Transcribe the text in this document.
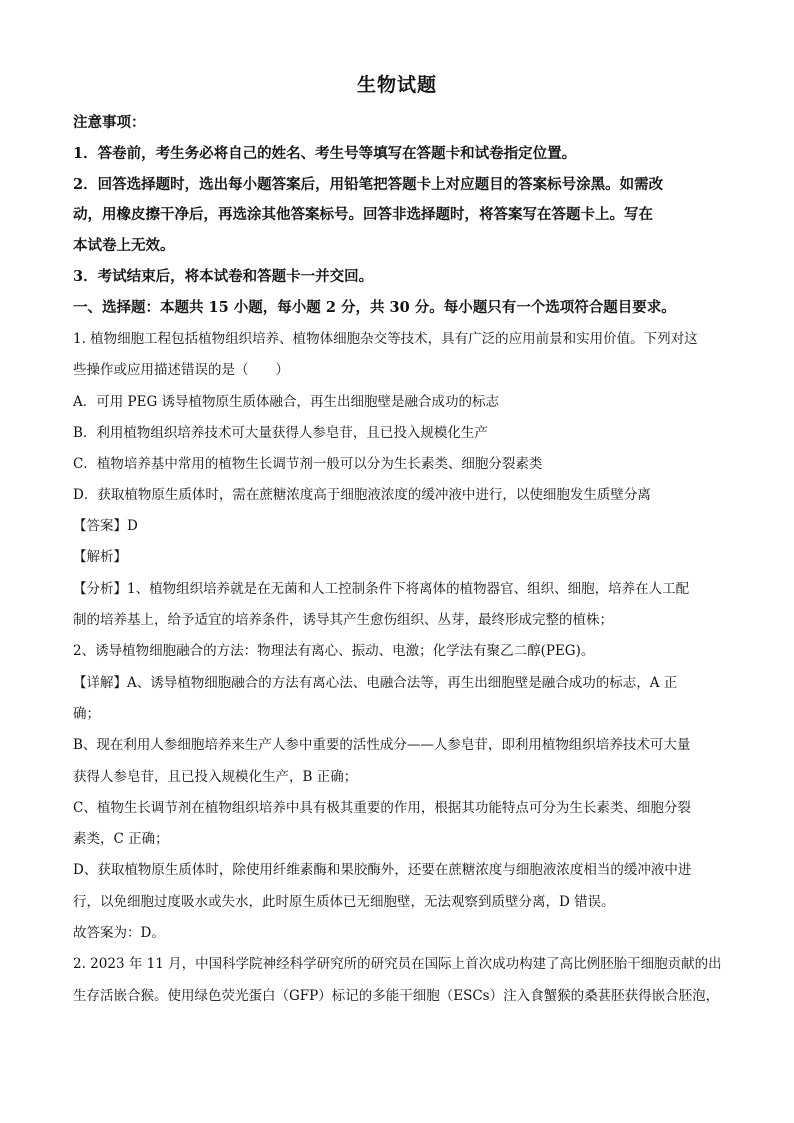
生物试题
注意事项：
1．答卷前，考生务必将自己的姓名、考生号等填写在答题卡和试卷指定位置。
2．回答选择题时，选出每小题答案后，用铅笔把答题卡上对应题目的答案标号涂黑。如需改
动，用橡皮擦干净后，再选涂其他答案标号。回答非选择题时，将答案写在答题卡上。写在
本试卷上无效。
3．考试结束后，将本试卷和答题卡一并交回。
一、选择题：本题共 15 小题，每小题 2 分，共 30 分。每小题只有一个选项符合题目要求。
1. 植物细胞工程包括植物组织培养、植物体细胞杂交等技术，具有广泛的应用前景和实用价值。下列对这
些操作或应用描述错误的是（　　）
A．可用 PEG 诱导植物原生质体融合，再生出细胞壁是融合成功的标志
B．利用植物组织培养技术可大量获得人参皂苷，且已投入规模化生产
C．植物培养基中常用的植物生长调节剂一般可以分为生长素类、细胞分裂素类
D．获取植物原生质体时，需在蔗糖浓度高于细胞液浓度的缓冲液中进行，以使细胞发生质壁分离
【答案】D
【解析】
【分析】1、植物组织培养就是在无菌和人工控制条件下将离体的植物器官、组织、细胞，培养在人工配
制的培养基上，给予适宜的培养条件，诱导其产生愈伤组织、丛芽，最终形成完整的植株；
2、诱导植物细胞融合的方法：物理法有离心、振动、电激；化学法有聚乙二醇(PEG)。
【详解】A、诱导植物细胞融合的方法有离心法、电融合法等，再生出细胞壁是融合成功的标志，A 正
确；
B、现在利用人参细胞培养来生产人参中重要的活性成分——人参皂苷，即利用植物组织培养技术可大量
获得人参皂苷，且已投入规模化生产，B 正确；
C、植物生长调节剂在植物组织培养中具有极其重要的作用，根据其功能特点可分为生长素类、细胞分裂
素类，C 正确；
D、获取植物原生质体时，除使用纤维素酶和果胶酶外，还要在蔗糖浓度与细胞液浓度相当的缓冲液中进
行，以免细胞过度吸水或失水，此时原生质体已无细胞壁，无法观察到质壁分离，D 错误。
故答案为：D。
2. 2023 年 11 月，中国科学院神经科学研究所的研究员在国际上首次成功构建了高比例胚胎干细胞贡献的出
生存活嵌合猴。使用绿色荧光蛋白（GFP）标记的多能干细胞（ESCs）注入食蟹猴的桑葚胚获得嵌合胚泡，
